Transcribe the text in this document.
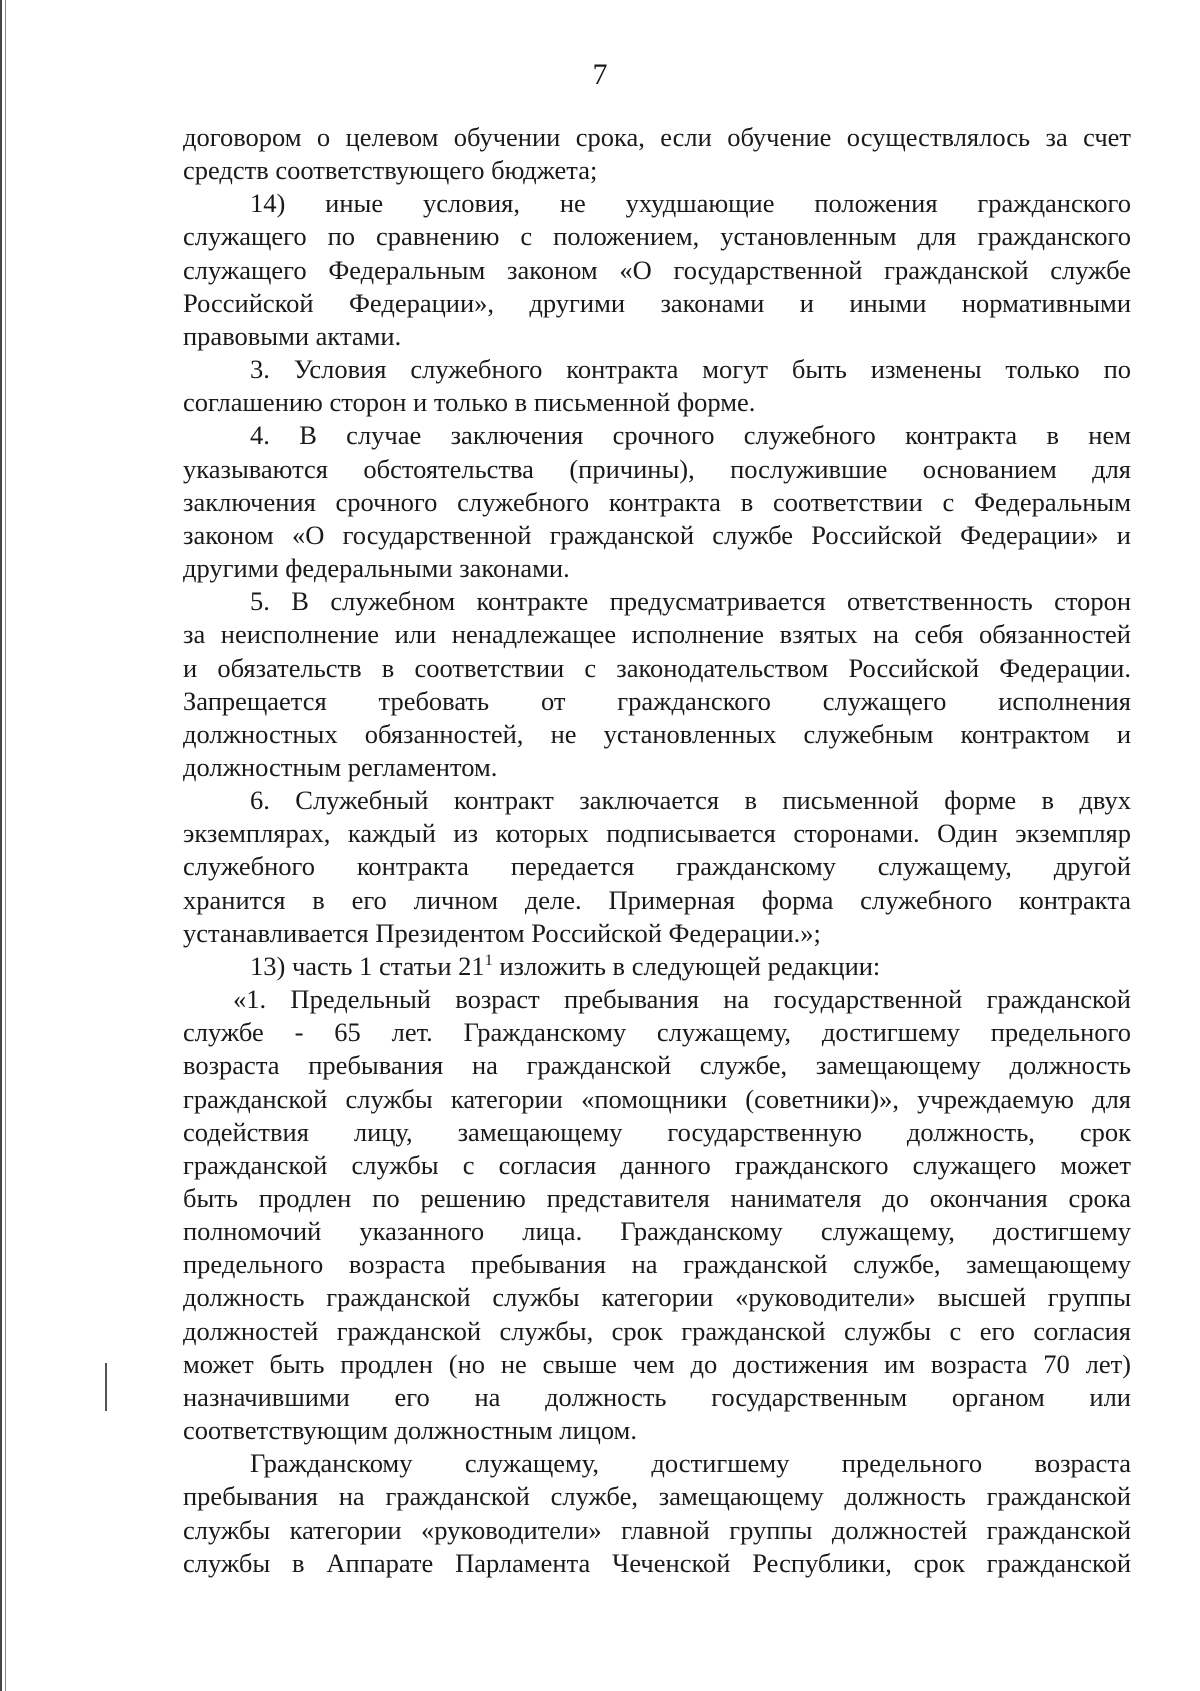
7

договором о целевом обучении срока, если обучение осуществлялось за счет

средств соответствующего бюджета;

14) иные условия, не ухудшающие положения гражданского

служащего по сравнению с положением, установленным для гражданского

служащего Федеральным законом «О государственной гражданской службе

Российской Федерации», другими законами и иными нормативными

правовыми актами.

3. Условия служебного контракта могут быть изменены только по

соглашению сторон и только в письменной форме.

4. В случае заключения срочного служебного контракта в нем

указываются обстоятельства (причины), послужившие основанием для

заключения срочного служебного контракта в соответствии с Федеральным

законом «О государственной гражданской службе Российской Федерации» и

другими федеральными законами.

5. В служебном контракте предусматривается ответственность сторон

за неисполнение или ненадлежащее исполнение взятых на себя обязанностей

и обязательств в соответствии с законодательством Российской Федерации.

Запрещается требовать от гражданского служащего исполнения

должностных обязанностей, не установленных служебным контрактом и

должностным регламентом.

6. Служебный контракт заключается в письменной форме в двух

экземплярах, каждый из которых подписывается сторонами. Один экземпляр

служебного контракта передается гражданскому служащему, другой

хранится в его личном деле. Примерная форма служебного контракта

устанавливается Президентом Российской Федерации.»;

13) часть 1 статьи $21^1$ изложить в следующей редакции:

«1. Предельный возраст пребывания на государственной гражданской

службе - 65 лет. Гражданскому служащему, достигшему предельного

возраста пребывания на гражданской службе, замещающему должность

гражданской службы категории «помощники (советники)», учреждаемую для

содействия лицу, замещающему государственную должность, срок

гражданской службы с согласия данного гражданского служащего может

быть продлен по решению представителя нанимателя до окончания срока

полномочий указанного лица. Гражданскому служащему, достигшему

предельного возраста пребывания на гражданской службе, замещающему

должность гражданской службы категории «руководители» высшей группы

должностей гражданской службы, срок гражданской службы с его согласия

может быть продлен (но не свыше чем до достижения им возраста 70 лет)

назначившими его на должность государственным органом или

соответствующим должностным лицом.

Гражданскому служащему, достигшему предельного возраста

пребывания на гражданской службе, замещающему должность гражданской

службы категории «руководители» главной группы должностей гражданской

службы в Аппарате Парламента Чеченской Республики, срок гражданской
